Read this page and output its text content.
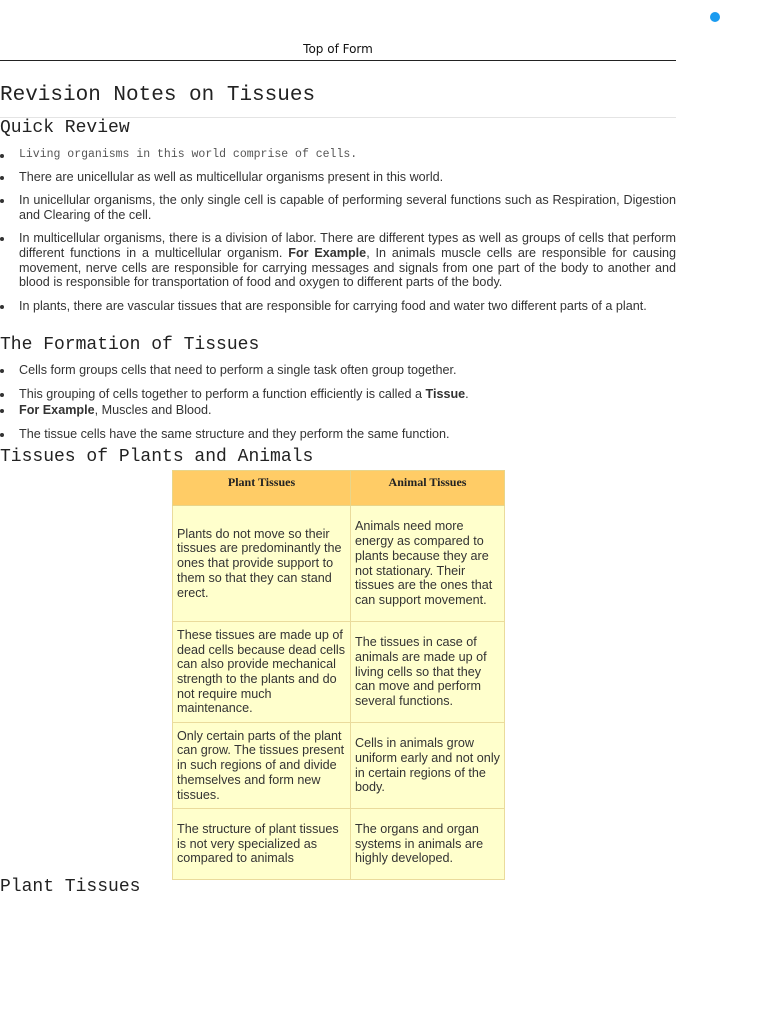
Top of Form
Revision Notes on Tissues
Quick Review
Living organisms in this world comprise of cells.
There are unicellular as well as multicellular organisms present in this world.
In unicellular organisms, the only single cell is capable of performing several functions such as Respiration, Digestion and Clearing of the cell.
In multicellular organisms, there is a division of labor. There are different types as well as groups of cells that perform different functions in a multicellular organism. For Example, In animals muscle cells are responsible for causing movement, nerve cells are responsible for carrying messages and signals from one part of the body to another and blood is responsible for transportation of food and oxygen to different parts of the body.
In plants, there are vascular tissues that are responsible for carrying food and water two different parts of a plant.
The Formation of Tissues
Cells form groups cells that need to perform a single task often group together.
This grouping of cells together to perform a function efficiently is called a Tissue.
For Example, Muscles and Blood.
The tissue cells have the same structure and they perform the same function.
Tissues of Plants and Animals
Plant Tissues	Animal Tissues
Plants do not move so their tissues are predominantly the ones that provide support to them so that they can stand erect.	Animals need more energy as compared to plants because they are not stationary. Their tissues are the ones that can support movement.
These tissues are made up of dead cells because dead cells can also provide mechanical strength to the plants and do not require much maintenance.	The tissues in case of animals are made up of living cells so that they can move and perform several functions.
Only certain parts of the plant can grow. The tissues present in such regions of and divide themselves and form new tissues.	Cells in animals grow uniform early and not only in certain regions of the body.
The structure of plant tissues is not very specialized as compared to animals	The organs and organ systems in animals are highly developed.
Plant Tissues
